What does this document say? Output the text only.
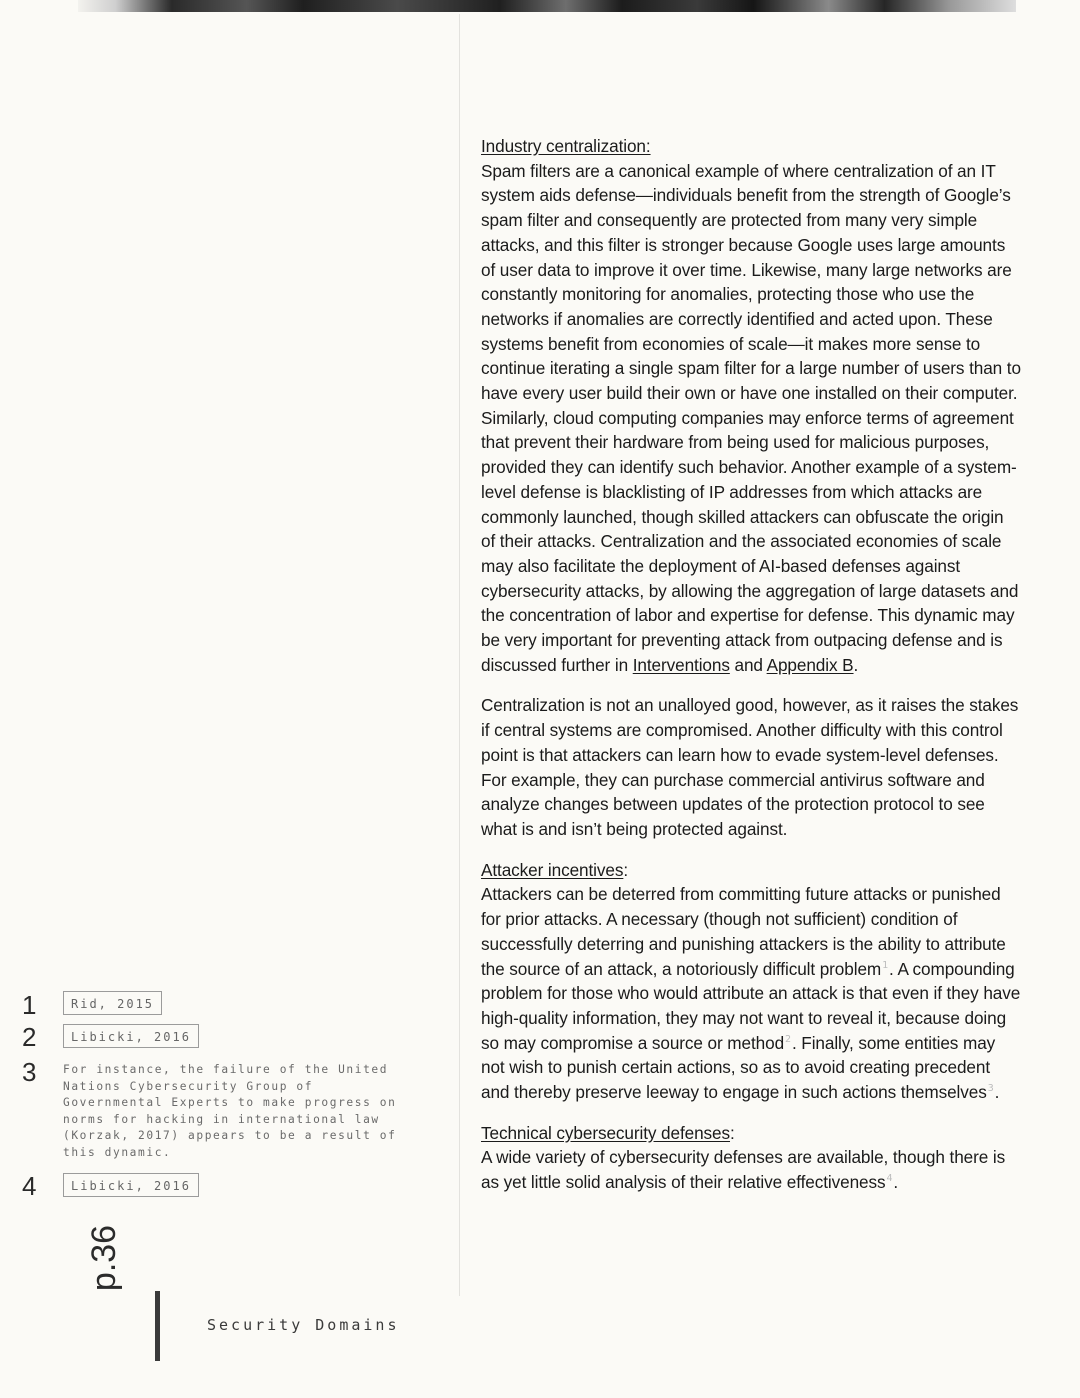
Industry centralization:
Spam filters are a canonical example of where centralization of an IT system aids defense—individuals benefit from the strength of Google’s spam filter and consequently are protected from many very simple attacks, and this filter is stronger because Google uses large amounts of user data to improve it over time. Likewise, many large networks are constantly monitoring for anomalies, protecting those who use the networks if anomalies are correctly identified and acted upon. These systems benefit from economies of scale—it makes more sense to continue iterating a single spam filter for a large number of users than to have every user build their own or have one installed on their computer. Similarly, cloud computing companies may enforce terms of agreement that prevent their hardware from being used for malicious purposes, provided they can identify such behavior. Another example of a system-level defense is blacklisting of IP addresses from which attacks are commonly launched, though skilled attackers can obfuscate the origin of their attacks. Centralization and the associated economies of scale may also facilitate the deployment of AI-based defenses against cybersecurity attacks, by allowing the aggregation of large datasets and the concentration of labor and expertise for defense. This dynamic may be very important for preventing attack from outpacing defense and is discussed further in Interventions and Appendix B.

Centralization is not an unalloyed good, however, as it raises the stakes if central systems are compromised. Another difficulty with this control point is that attackers can learn how to evade system-level defenses. For example, they can purchase commercial antivirus software and analyze changes between updates of the protection protocol to see what is and isn’t being protected against.

Attacker incentives:
Attackers can be deterred from committing future attacks or punished for prior attacks. A necessary (though not sufficient) condition of successfully deterring and punishing attackers is the ability to attribute the source of an attack, a notoriously difficult problem$^1$. A compounding problem for those who would attribute an attack is that even if they have high-quality information, they may not want to reveal it, because doing so may compromise a source or method$^2$. Finally, some entities may not wish to punish certain actions, so as to avoid creating precedent and thereby preserve leeway to engage in such actions themselves$^3$.

Technical cybersecurity defenses:
A wide variety of cybersecurity defenses are available, though there is as yet little solid analysis of their relative effectiveness$^4$.

1	Rid, 2015
2	Libicki, 2016
3	For instance, the failure of the United Nations Cybersecurity Group of Governmental Experts to make progress on norms for hacking in international law (Korzak, 2017) appears to be a result of this dynamic.
4	Libicki, 2016
p.36
Security Domains
